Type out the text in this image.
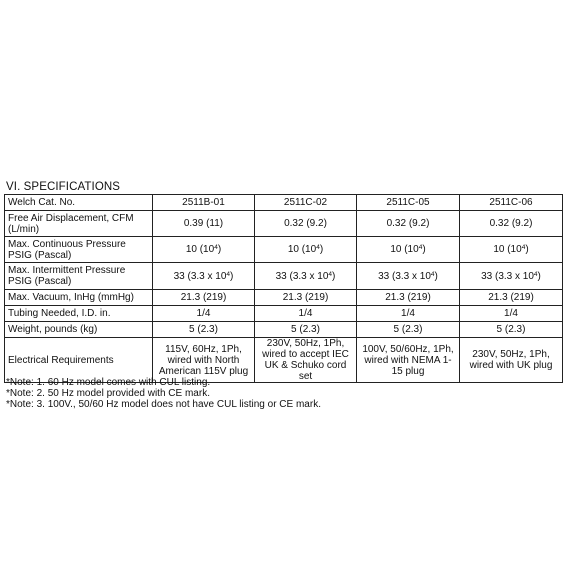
VI. SPECIFICATIONS
Welch Cat. No.	2511B-01	2511C-02	2511C-05	2511C-06
Free Air Displacement, CFM (L/min)	0.39 (11)	0.32 (9.2)	0.32 (9.2)	0.32 (9.2)
Max. Continuous Pressure PSIG (Pascal)	10 $(10^4)$	10 $(10^4)$	10 $(10^4)$	10 $(10^4)$
Max. Intermittent Pressure PSIG (Pascal)	33 (3.3 x $10^4$)	33 (3.3 x $10^4$)	33 (3.3 x $10^4$)	33 (3.3 x $10^4$)
Max. Vacuum, InHg (mmHg)	21.3 (219)	21.3 (219)	21.3 (219)	21.3 (219)
Tubing Needed, I.D. in.	1/4	1/4	1/4	1/4
Weight, pounds (kg)	5 (2.3)	5 (2.3)	5 (2.3)	5 (2.3)
Electrical Requirements	115V, 60Hz, 1Ph, wired with North American 115V plug	230V, 50Hz, 1Ph, wired to accept IEC UK & Schuko cord set	100V, 50/60Hz, 1Ph, wired with NEMA 1-15 plug	230V, 50Hz, 1Ph, wired with UK plug
*Note: 1. 60 Hz model comes with CUL listing.
*Note: 2. 50 Hz model provided with CE mark.
*Note: 3. 100V., 50/60 Hz model does not have CUL listing or CE mark.
